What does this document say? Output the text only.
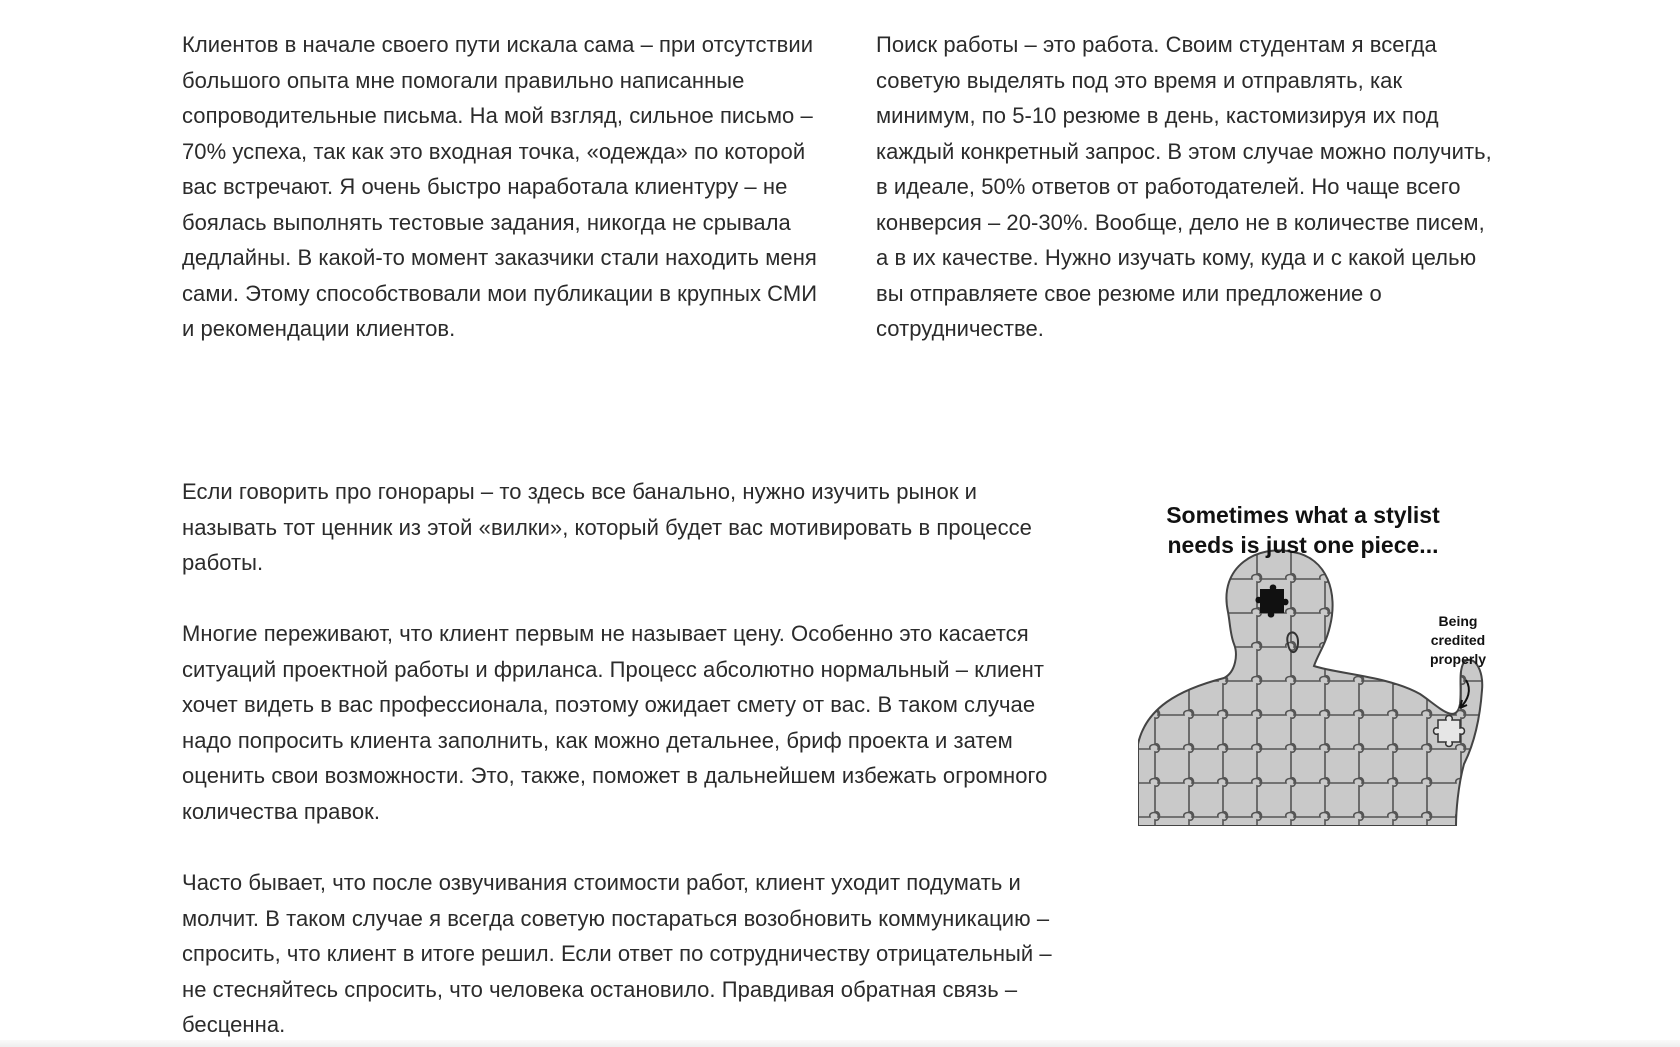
Клиентов в начале своего пути искала сама – при отсутствии большого опыта мне помогали правильно написанные сопроводительные письма. На мой взгляд, сильное письмо – 70% успеха, так как это входная точка, «одежда» по которой вас встречают. Я очень быстро наработала клиентуру – не боялась выполнять тестовые задания, никогда не срывала дедлайны. В какой-то момент заказчики стали находить меня сами. Этому способствовали мои публикации в крупных СМИ и рекомендации клиентов.

Поиск работы – это работа. Своим студентам я всегда советую выделять под это время и отправлять, как минимум, по 5-10 резюме в день, кастомизируя их под каждый конкретный запрос. В этом случае можно получить, в идеале, 50% ответов от работодателей. Но чаще всего конверсия – 20-30%. Вообще, дело не в количестве писем, а в их качестве. Нужно изучать кому, куда и с какой целью вы отправляете свое резюме или предложение о сотрудничестве.

Если говорить про гонорары – то здесь все банально, нужно изучить рынок и называть тот ценник из этой «вилки», который будет вас мотивировать в процессе работы.

Многие переживают, что клиент первым не называет цену. Особенно это касается ситуаций проектной работы и фриланса. Процесс абсолютно нормальный – клиент хочет видеть в вас профессионала, поэтому ожидает смету от вас. В таком случае надо попросить клиента заполнить, как можно детальнее, бриф проекта и затем оценить свои возможности. Это, также, поможет в дальнейшем избежать огромного количества правок.

Часто бывает, что после озвучивания стоимости работ, клиент уходит подумать и молчит. В таком случае я всегда советую постараться возобновить коммуникацию – спросить, что клиент в итоге решил. Если ответ по сотрудничеству отрицательный – не стесняйтесь спросить, что человека остановило. Правдивая обратная связь – бесценна.

Sometimes what a stylist
needs is just one piece...
Being
credited
properly
